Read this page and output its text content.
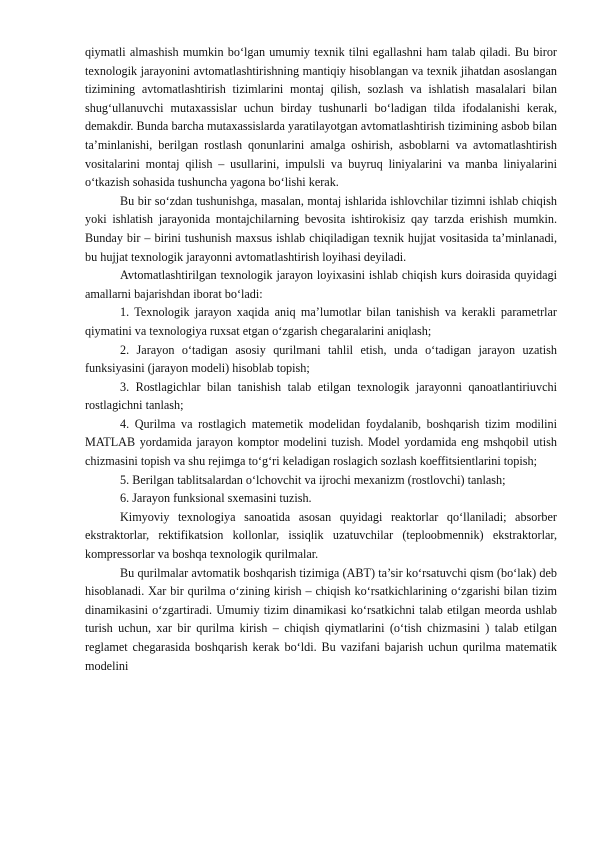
qiymatli almashish mumkin bo‘lgan umumiy texnik tilni egallashni ham talab qiladi. Bu biror texnologik jarayonini avtomatlashtirishning mantiqiy hisoblangan va texnik jihatdan asoslangan tizimining avtomatlashtirish tizimlarini montaj qilish, sozlash va ishlatish masalalari bilan shug‘ullanuvchi mutaxassislar uchun birday tushunarli bo‘ladigan tilda ifodalanishi kerak, demakdir. Bunda barcha mutaxassislarda yaratilayotgan avtomatlashtirish tizimining asbob bilan ta’minlanishi, berilgan rostlash qonunlarini amalga oshirish, asboblarni va avtomatlashtirish vositalarini montaj qilish – usullarini, impulsli va buyruq liniyalarini va manba liniyalarini o‘tkazish sohasida tushuncha yagona bo‘lishi kerak.

Bu bir so‘zdan tushunishga, masalan, montaj ishlarida ishlovchilar tizimni ishlab chiqish yoki ishlatish jarayonida montajchilarning bevosita ishtirokisiz qay tarzda erishish mumkin. Bunday bir – birini tushunish maxsus ishlab chiqiladigan texnik hujjat vositasida ta’minlanadi, bu hujjat texnologik jarayonni avtomatlashtirish loyihasi deyiladi.

Avtomatlashtirilgan texnologik jarayon loyixasini ishlab chiqish kurs doirasida quyidagi amallarni bajarishdan iborat bo‘ladi:

1. Texnologik jarayon xaqida aniq ma’lumotlar bilan tanishish va kerakli parametrlar qiymatini va texnologiya ruxsat etgan o‘zgarish chegaralarini aniqlash;

2. Jarayon o‘tadigan asosiy qurilmani tahlil etish, unda o‘tadigan jarayon uzatish funksiyasini (jarayon modeli) hisoblab topish;

3. Rostlagichlar bilan tanishish talab etilgan texnologik jarayonni qanoatlantiriuvchi rostlagichni tanlash;

4. Qurilma va rostlagich matemetik modelidan foydalanib, boshqarish tizim modilini MATLAB yordamida jarayon komptor modelini tuzish. Model yordamida eng mshqobil utish chizmasini topish va shu rejimga to‘g‘ri keladigan roslagich sozlash koeffitsientlarini topish;

5. Berilgan tablitsalardan o‘lchovchit va ijrochi mexanizm (rostlovchi) tanlash;

6. Jarayon funksional sxemasini tuzish.

Kimyoviy texnologiya sanoatida asosan quyidagi reaktorlar qo‘llaniladi; absorber ekstraktorlar, rektifikatsion kollonlar, issiqlik uzatuvchilar (teploobmennik) ekstraktorlar, kompressorlar va boshqa texnologik qurilmalar.

Bu qurilmalar avtomatik boshqarish tizimiga (ABT) ta’sir ko‘rsatuvchi qism (bo‘lak) deb hisoblanadi. Xar bir qurilma o‘zining kirish – chiqish ko‘rsatkichlarining o‘zgarishi bilan tizim dinamikasini o‘zgartiradi. Umumiy tizim dinamikasi ko‘rsatkichni talab etilgan meorda ushlab turish uchun, xar bir qurilma kirish – chiqish qiymatlarini (o‘tish chizmasini ) talab etilgan reglamet chegarasida boshqarish kerak bo‘ldi. Bu vazifani bajarish uchun qurilma matematik modelini
